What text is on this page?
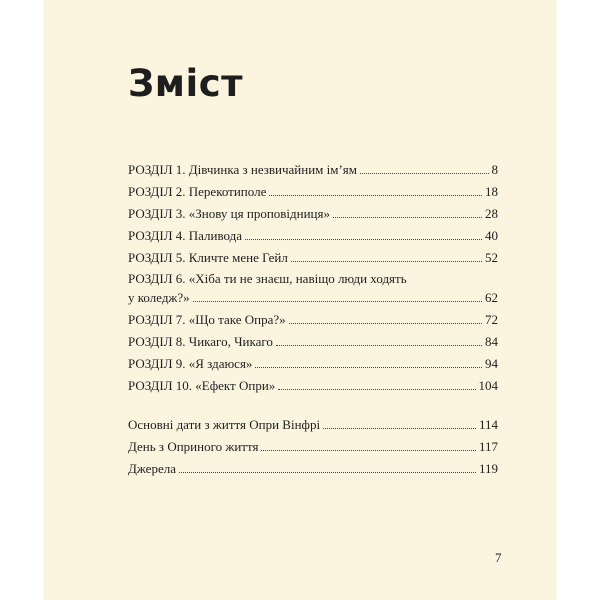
Зміст
РОЗДІЛ 1. Дівчинка з незвичайним ім’ям	8
РОЗДІЛ 2. Перекотиполе	18
РОЗДІЛ 3. «Знову ця проповідниця»	28
РОЗДІЛ 4. Паливода	40
РОЗДІЛ 5. Кличте мене Гейл	52
РОЗДІЛ 6. «Хіба ти не знаєш, навіщо люди ходять
у коледж?»	62
РОЗДІЛ 7. «Що таке Опра?»	72
РОЗДІЛ 8. Чикаго, Чикаго	84
РОЗДІЛ 9. «Я здаюся»	94
РОЗДІЛ 10. «Ефект Опри»	104
Основні дати з життя Опри Вінфрі	114
День з Оприного життя	117
Джерела	119
7
